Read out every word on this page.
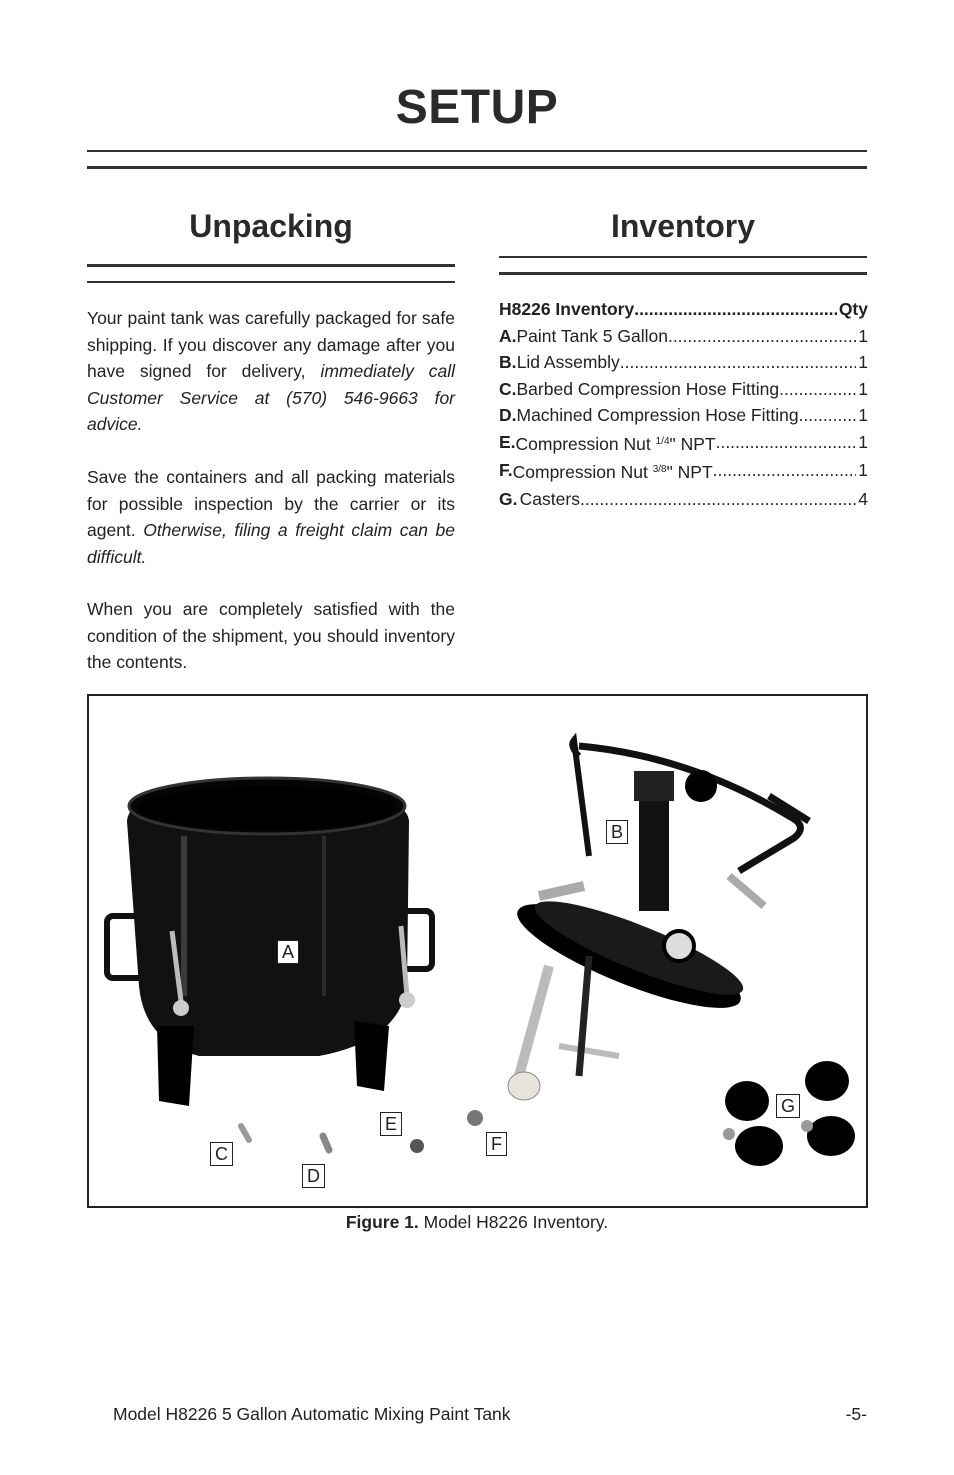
SETUP
Unpacking
Your paint tank was carefully packaged for safe shipping. If you discover any damage after you have signed for delivery, immediately call Customer Service at (570) 546-9663 for advice.
Save the containers and all packing materials for possible inspection by the carrier or its agent. Otherwise, filing a freight claim can be difficult.
When you are completely satisfied with the condition of the shipment, you should inventory the contents.
Inventory
H8226 Inventory .....	Qty
A. Paint Tank 5 Gallon .....	1
B. Lid Assembly .....	1
C. Barbed Compression Hose Fitting .....	1
D. Machined Compression Hose Fitting .....	1
E. Compression Nut $^{1/4}$" NPT .....	1
F. Compression Nut $^{3/8}$" NPT .....	1
G. Casters .....	4
A
B
C
D
E
F
G
Figure 1. Model H8226 Inventory.
Model H8226 5 Gallon Automatic Mixing Paint Tank	-5-
